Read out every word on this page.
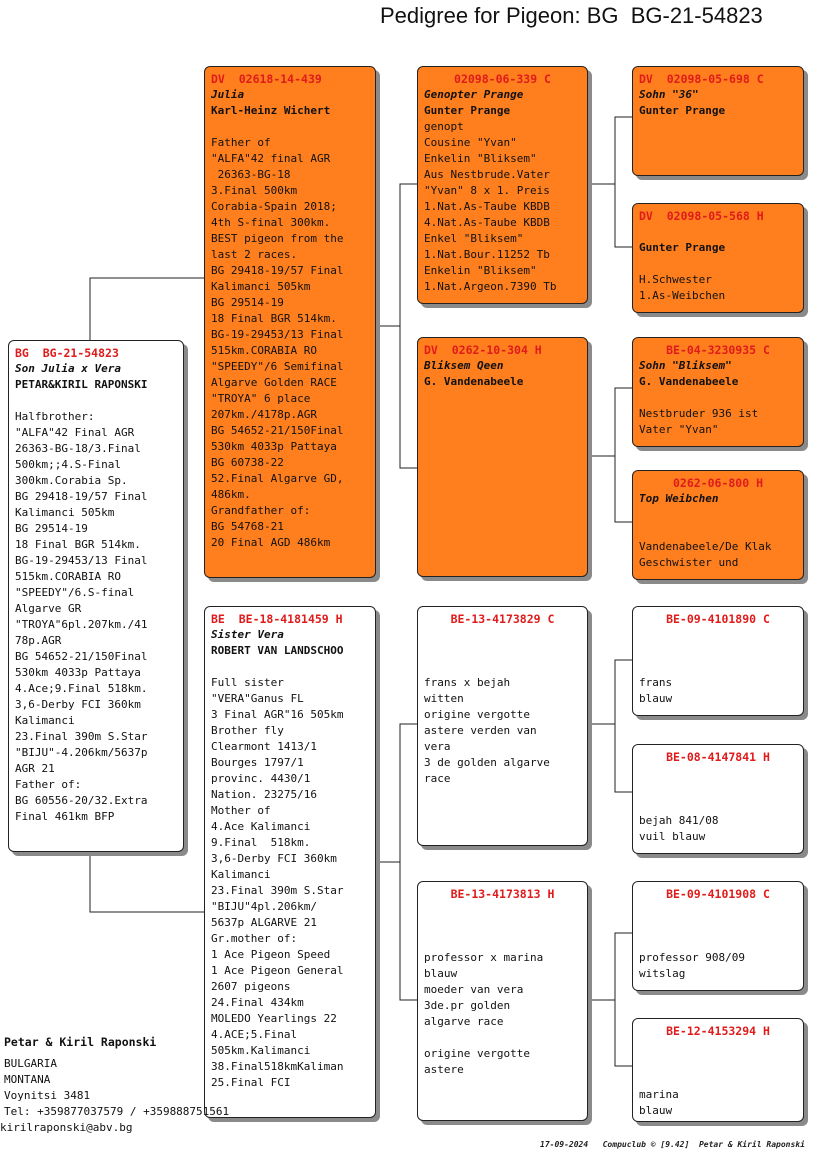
Pedigree for Pigeon: BG  BG-21-54823
BG BG-21-54823
Son Julia x Vera
PETAR&KIRIL RAPONSKI
Halfbrother:
"ALFA"42 Final AGR
26363-BG-18/3.Final
500km;;4.S-Final
300km.Corabia Sp.
BG 29418-19/57 Final
Kalimanci 505km
BG 29514-19
18 Final BGR 514km.
BG-19-29453/13 Final
515km.CORABIA RO
"SPEEDY"/6.S-final
Algarve GR
"TROYA"6pl.207km./41
78p.AGR
BG 54652-21/150Final
530km 4033p Pattaya
4.Ace;9.Final 518km.
3,6-Derby FCI 360km
Kalimanci
23.Final 390m S.Star
"BIJU"-4.206km/5637p
AGR 21
Father of:
BG 60556-20/32.Extra
Final 461km BFP
DV 02618-14-439
Julia
Karl-Heinz Wichert
Father of
"ALFA"42 final AGR
26363-BG-18
3.Final 500km
Corabia-Spain 2018;
4th S-final 300km.
BEST pigeon from the
last 2 races.
BG 29418-19/57 Final
Kalimanci 505km
BG 29514-19
18 Final BGR 514km.
BG-19-29453/13 Final
515km.CORABIA RO
"SPEEDY"/6 Semifinal
Algarve Golden RACE
"TROYA" 6 place
207km./4178p.AGR
BG 54652-21/150Final
530km 4033p Pattaya
BG 60738-22
52.Final Algarve GD,
486km.
Grandfather of:
BG 54768-21
20 Final AGD 486km
BE BE-18-4181459 H
Sister Vera
ROBERT VAN LANDSCHOO
Full sister
"VERA"Ganus FL
3 Final AGR"16 505km
Brother fly
Clearmont 1413/1
Bourges 1797/1
provinc. 4430/1
Nation. 23275/16
Mother of
4.Ace Kalimanci
9.Final  518km.
3,6-Derby FCI 360km
Kalimanci
23.Final 390m S.Star
"BIJU"4pl.206km/
5637p ALGARVE 21
Gr.mother of:
1 Ace Pigeon Speed
1 Ace Pigeon General
2607 pigeons
24.Final 434km
MOLEDO Yearlings 22
4.ACE;5.Final
505km.Kalimanci
38.Final518kmKaliman
25.Final FCI
02098-06-339 C
Genopter Prange
Gunter Prange
genopt
Cousine "Yvan"
Enkelin "Bliksem"
Aus Nestbrude.Vater
"Yvan" 8 x 1. Preis
1.Nat.As-Taube KBDB
4.Nat.As-Taube KBDB
Enkel "Bliksem"
1.Nat.Bour.11252 Tb
Enkelin "Bliksem"
1.Nat.Argeon.7390 Tb
DV 0262-10-304 H
Bliksem Qeen
G. Vandenabeele
BE-13-4173829 C
frans x bejah
witten
origine vergotte
astere verden van
vera
3 de golden algarve
race
BE-13-4173813 H
professor x marina
blauw
moeder van vera
3de.pr golden
algarve race

origine vergotte
astere
DV 02098-05-698 C
Sohn "36"
Gunter Prange
DV 02098-05-568 H
Gunter Prange
H.Schwester
1.As-Weibchen
BE-04-3230935 C
Sohn "Bliksem"
G. Vandenabeele
Nestbruder 936 ist
Vater "Yvan"
0262-06-800 H
Top Weibchen
Vandenabeele/De Klak
Geschwister und
BE-09-4101890 C
frans
blauw
BE-08-4147841 H
bejah 841/08
vuil blauw
BE-09-4101908 C
professor 908/09
witslag
BE-12-4153294 H
marina
blauw
Petar & Kiril Raponski
BULGARIA
MONTANA
Voynitsi 3481
Tel: +359877037579 / +359888751561
kirilraponski@abv.bg
17-09-2024   Compuclub © [9.42]  Petar & Kiril Raponski
